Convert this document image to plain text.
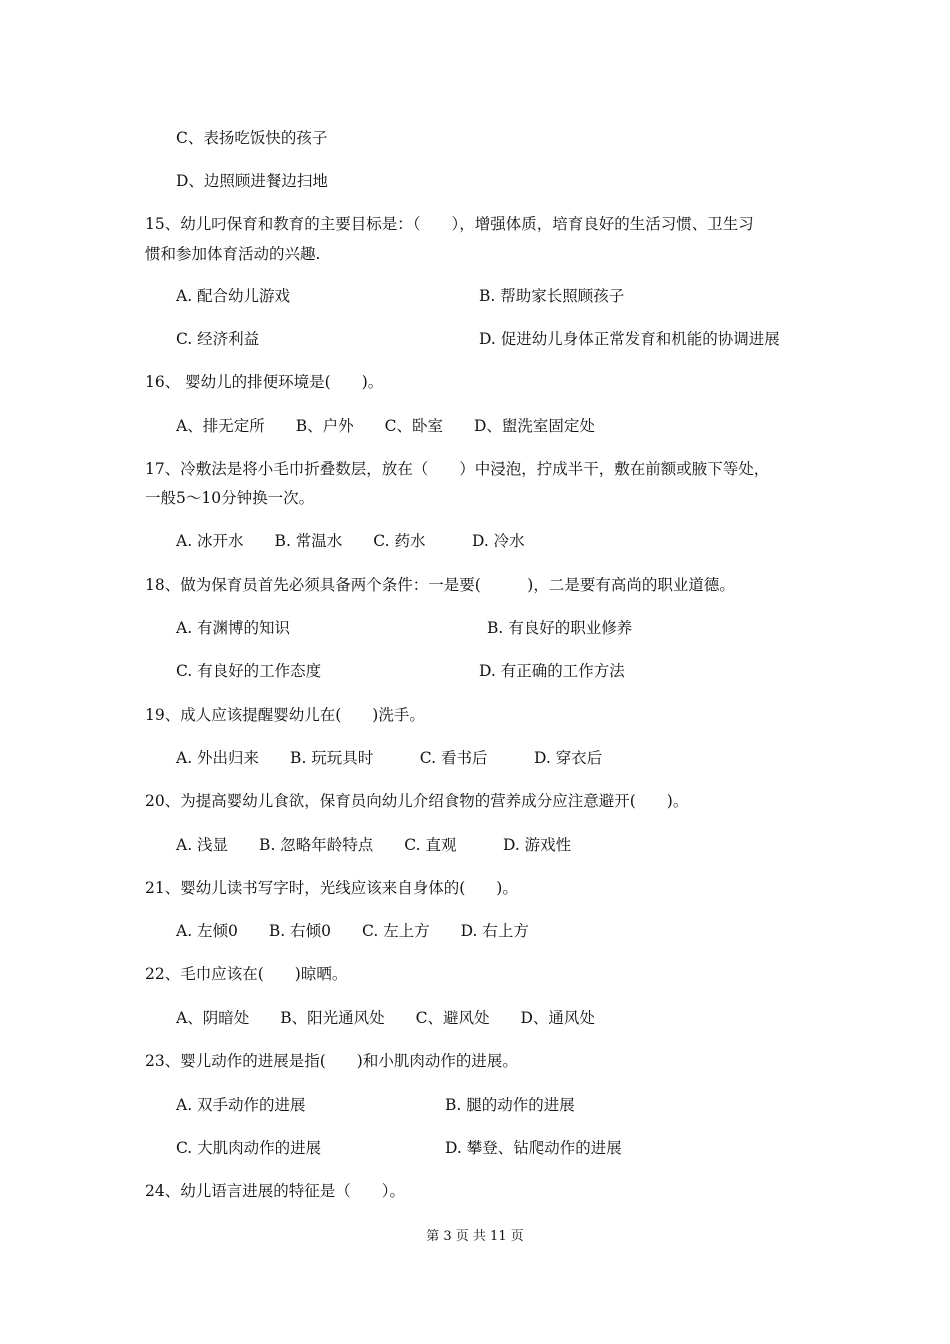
C、表扬吃饭快的孩子
D、边照顾进餐边扫地
15、幼儿叼保育和教育的主要目标是：（　　），增强体质，培育良好的生活习惯、卫生习
惯和参加体育活动的兴趣.
A. 配合幼儿游戏	B. 帮助家长照顾孩子
C. 经济利益	D. 促进幼儿身体正常发育和机能的协调进展
16、 婴幼儿的排便环境是(　　)。
A、排无定所　　B、户外　　C、卧室　　D、盥洗室固定处
17、冷敷法是将小毛巾折叠数层，放在（　　）中浸泡，拧成半干，敷在前额或腋下等处，
一般5～10分钟换一次。
A. 冰开水　　B. 常温水　　C. 药水　　　D. 冷水
18、做为保育员首先必须具备两个条件：一是要(　　　)，二是要有高尚的职业道德。
A. 有渊博的知识	B. 有良好的职业修养
C. 有良好的工作态度	D. 有正确的工作方法
19、成人应该提醒婴幼儿在(　　)洗手。
A. 外出归来　　B. 玩玩具时　　　C. 看书后　　　D. 穿衣后
20、为提高婴幼儿食欲，保育员向幼儿介绍食物的营养成分应注意避开(　　)。
A. 浅显　　B. 忽略年龄特点　　C. 直观　　　D. 游戏性
21、婴幼儿读书写字时，光线应该来自身体的(　　)。
A. 左倾0　　B. 右倾0　　C. 左上方　　D. 右上方
22、毛巾应该在(　　)晾晒。
A、阴暗处　　B、阳光通风处　　C、避风处　　D、通风处
23、婴儿动作的进展是指(　　)和小肌肉动作的进展。
A. 双手动作的进展	B. 腿的动作的进展
C. 大肌肉动作的进展	D. 攀登、钻爬动作的进展
24、幼儿语言进展的特征是（　　）。
第 3 页 共 11 页
